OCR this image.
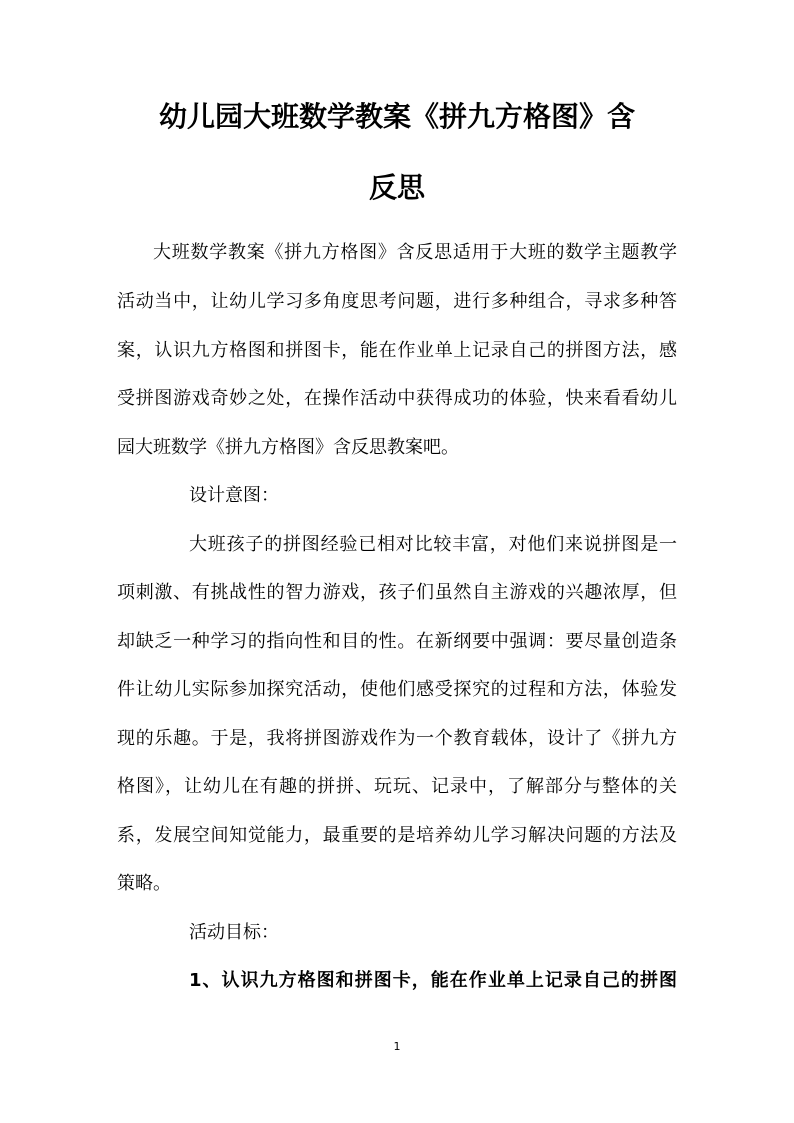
幼儿园大班数学教案《拼九方格图》含
反思
大班数学教案《拼九方格图》含反思适用于大班的数学主题教学
活动当中，让幼儿学习多角度思考问题，进行多种组合，寻求多种答
案，认识九方格图和拼图卡，能在作业单上记录自己的拼图方法，感
受拼图游戏奇妙之处，在操作活动中获得成功的体验，快来看看幼儿
园大班数学《拼九方格图》含反思教案吧。
设计意图：
大班孩子的拼图经验已相对比较丰富，对他们来说拼图是一
项刺激、有挑战性的智力游戏，孩子们虽然自主游戏的兴趣浓厚，但
却缺乏一种学习的指向性和目的性。在新纲要中强调：要尽量创造条
件让幼儿实际参加探究活动，使他们感受探究的过程和方法，体验发
现的乐趣。于是，我将拼图游戏作为一个教育载体，设计了《拼九方
格图》，让幼儿在有趣的拼拼、玩玩、记录中，了解部分与整体的关
系，发展空间知觉能力，最重要的是培养幼儿学习解决问题的方法及
策略。
活动目标：
1、认识九方格图和拼图卡，能在作业单上记录自己的拼图
1
